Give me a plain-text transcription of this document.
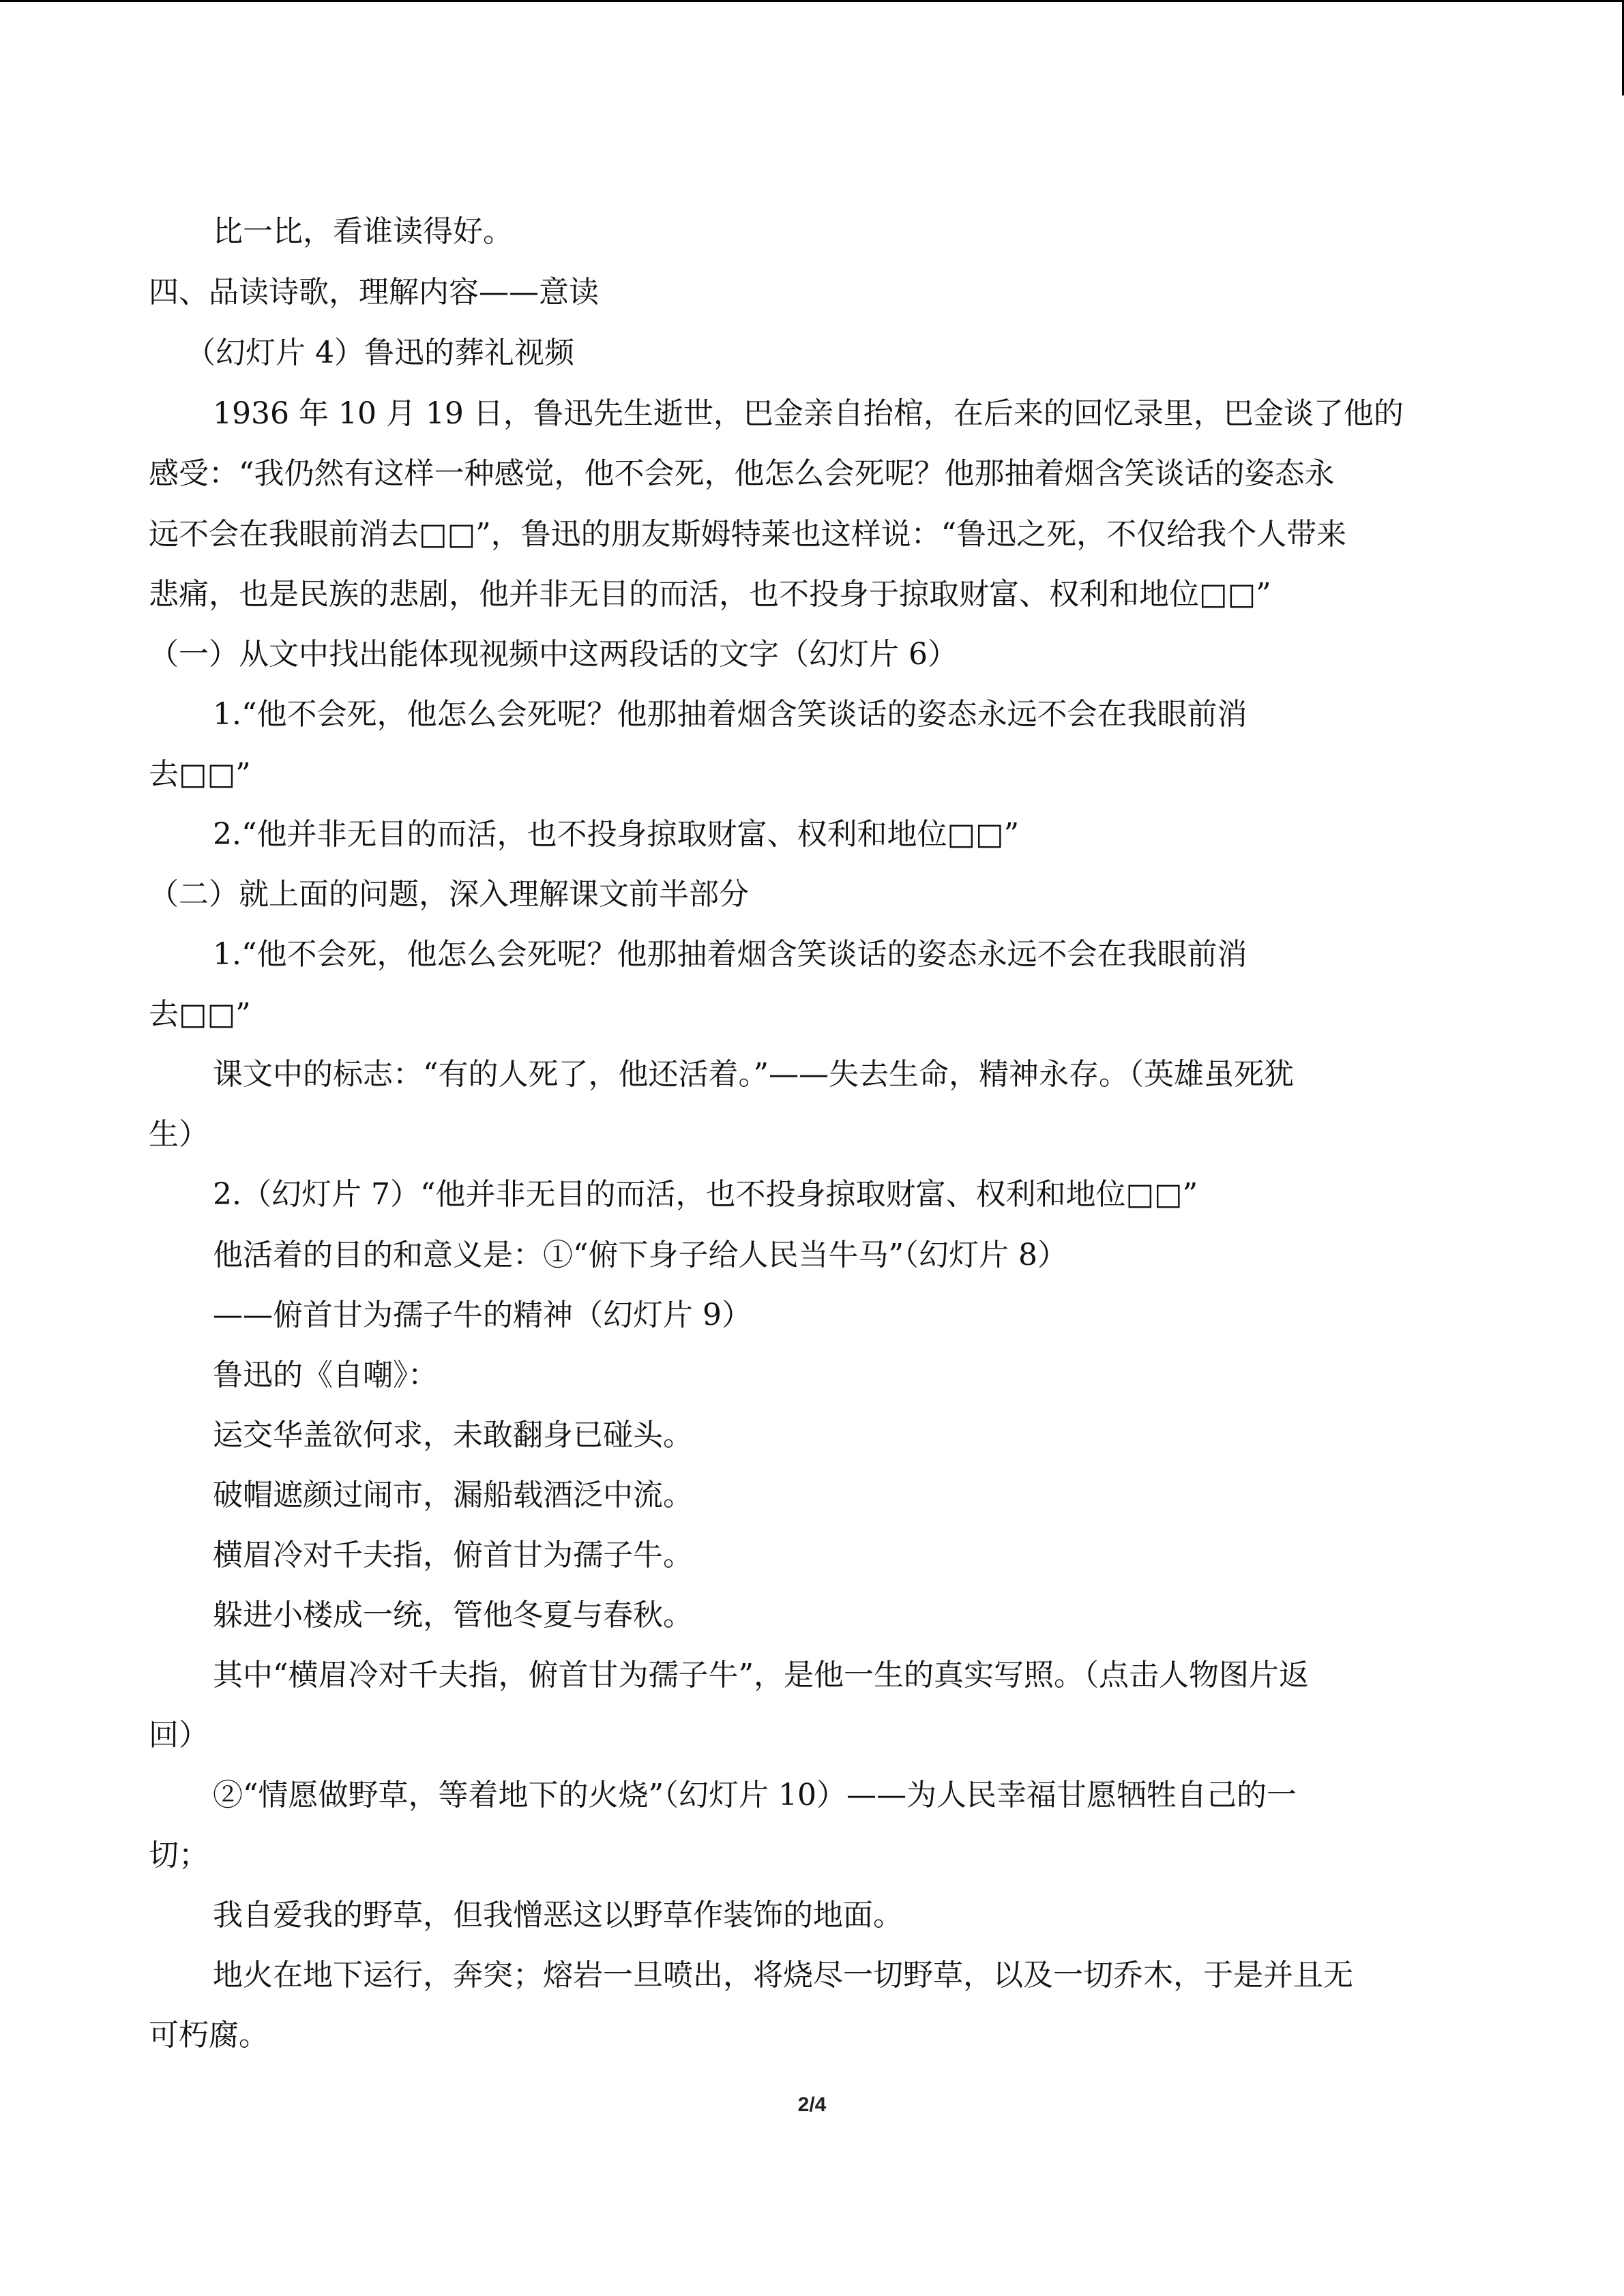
比一比，看谁读得好。
四、品读诗歌，理解内容——意读
（幻灯片 4）鲁迅的葬礼视频
1936 年 10 月 19 日，鲁迅先生逝世，巴金亲自抬棺，在后来的回忆录里，巴金谈了他的
感受：“我仍然有这样一种感觉，他不会死，他怎么会死呢？他那抽着烟含笑谈话的姿态永
远不会在我眼前消去□□”，鲁迅的朋友斯姆特莱也这样说：“鲁迅之死，不仅给我个人带来
悲痛，也是民族的悲剧，他并非无目的而活，也不投身于掠取财富、权利和地位□□”
（一）从文中找出能体现视频中这两段话的文字（幻灯片 6）
1.“他不会死，他怎么会死呢？他那抽着烟含笑谈话的姿态永远不会在我眼前消
去□□”
2.“他并非无目的而活，也不投身掠取财富、权利和地位□□”
（二）就上面的问题，深入理解课文前半部分
1.“他不会死，他怎么会死呢？他那抽着烟含笑谈话的姿态永远不会在我眼前消
去□□”
课文中的标志：“有的人死了，他还活着。”——失去生命，精神永存。（英雄虽死犹
生）
2.（幻灯片 7）“他并非无目的而活，也不投身掠取财富、权利和地位□□”
他活着的目的和意义是：①“俯下身子给人民当牛马”（幻灯片 8）
——俯首甘为孺子牛的精神（幻灯片 9）
鲁迅的《自嘲》：
运交华盖欲何求，未敢翻身已碰头。
破帽遮颜过闹市，漏船载酒泛中流。
横眉冷对千夫指，俯首甘为孺子牛。
躲进小楼成一统，管他冬夏与春秋。
其中“横眉冷对千夫指，俯首甘为孺子牛”，是他一生的真实写照。（点击人物图片返
回）
②“情愿做野草，等着地下的火烧”（幻灯片 10）——为人民幸福甘愿牺牲自己的一
切；
我自爱我的野草，但我憎恶这以野草作装饰的地面。
地火在地下运行，奔突；熔岩一旦喷出，将烧尽一切野草，以及一切乔木，于是并且无
可朽腐。
2/4
